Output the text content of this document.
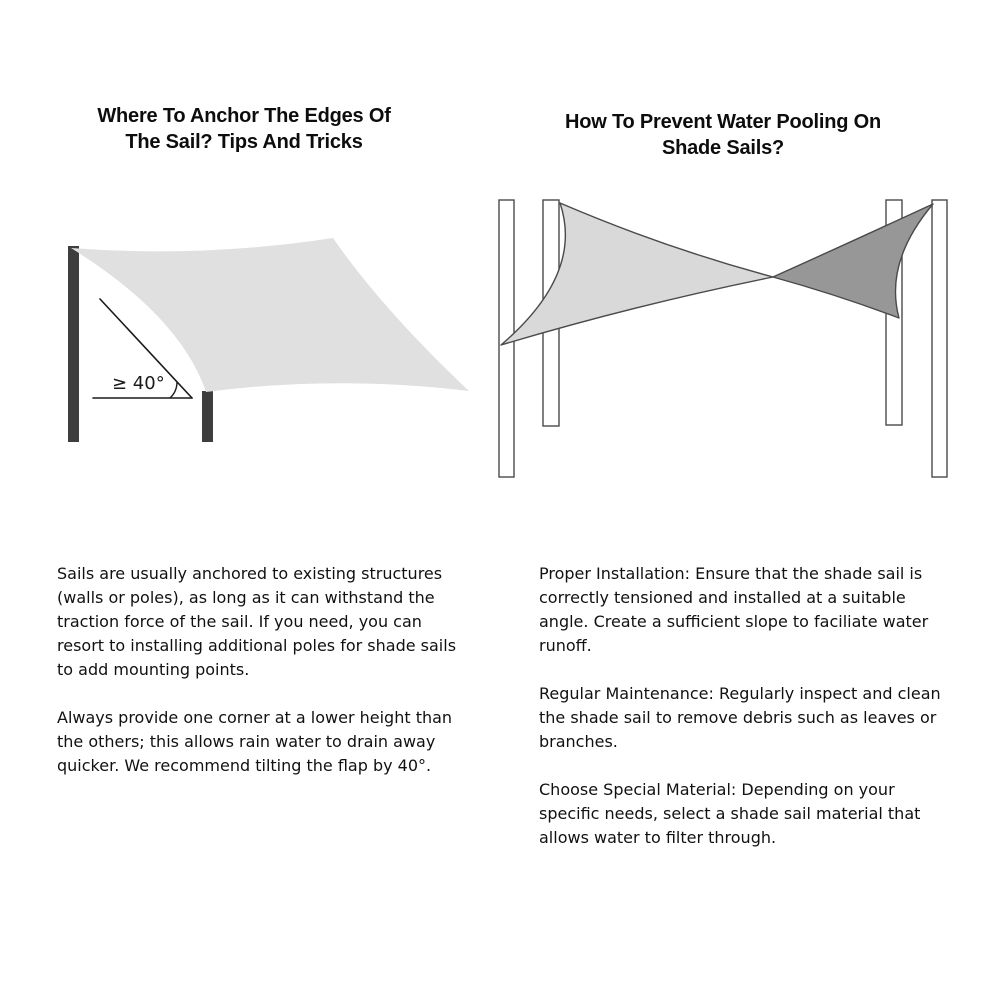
Where To Anchor The Edges Of
The Sail? Tips And Tricks
How To Prevent Water Pooling On
Shade Sails?
≥ 40°

Sails are usually anchored to existing structures (walls or poles), as long as it can withstand the traction force of the sail. If you need, you can resort to installing additional poles for shade sails to add mounting points.

Always provide one corner at a lower height than the others; this allows rain water to drain away quicker. We recommend tilting the flap by 40°.

Proper Installation: Ensure that the shade sail is correctly tensioned and installed at a suitable angle. Create a sufficient slope to faciliate water runoff.

Regular Maintenance: Regularly inspect and clean the shade sail to remove debris such as leaves or branches.

Choose Special Material: Depending on your specific needs, select a shade sail material that allows water to filter through.
